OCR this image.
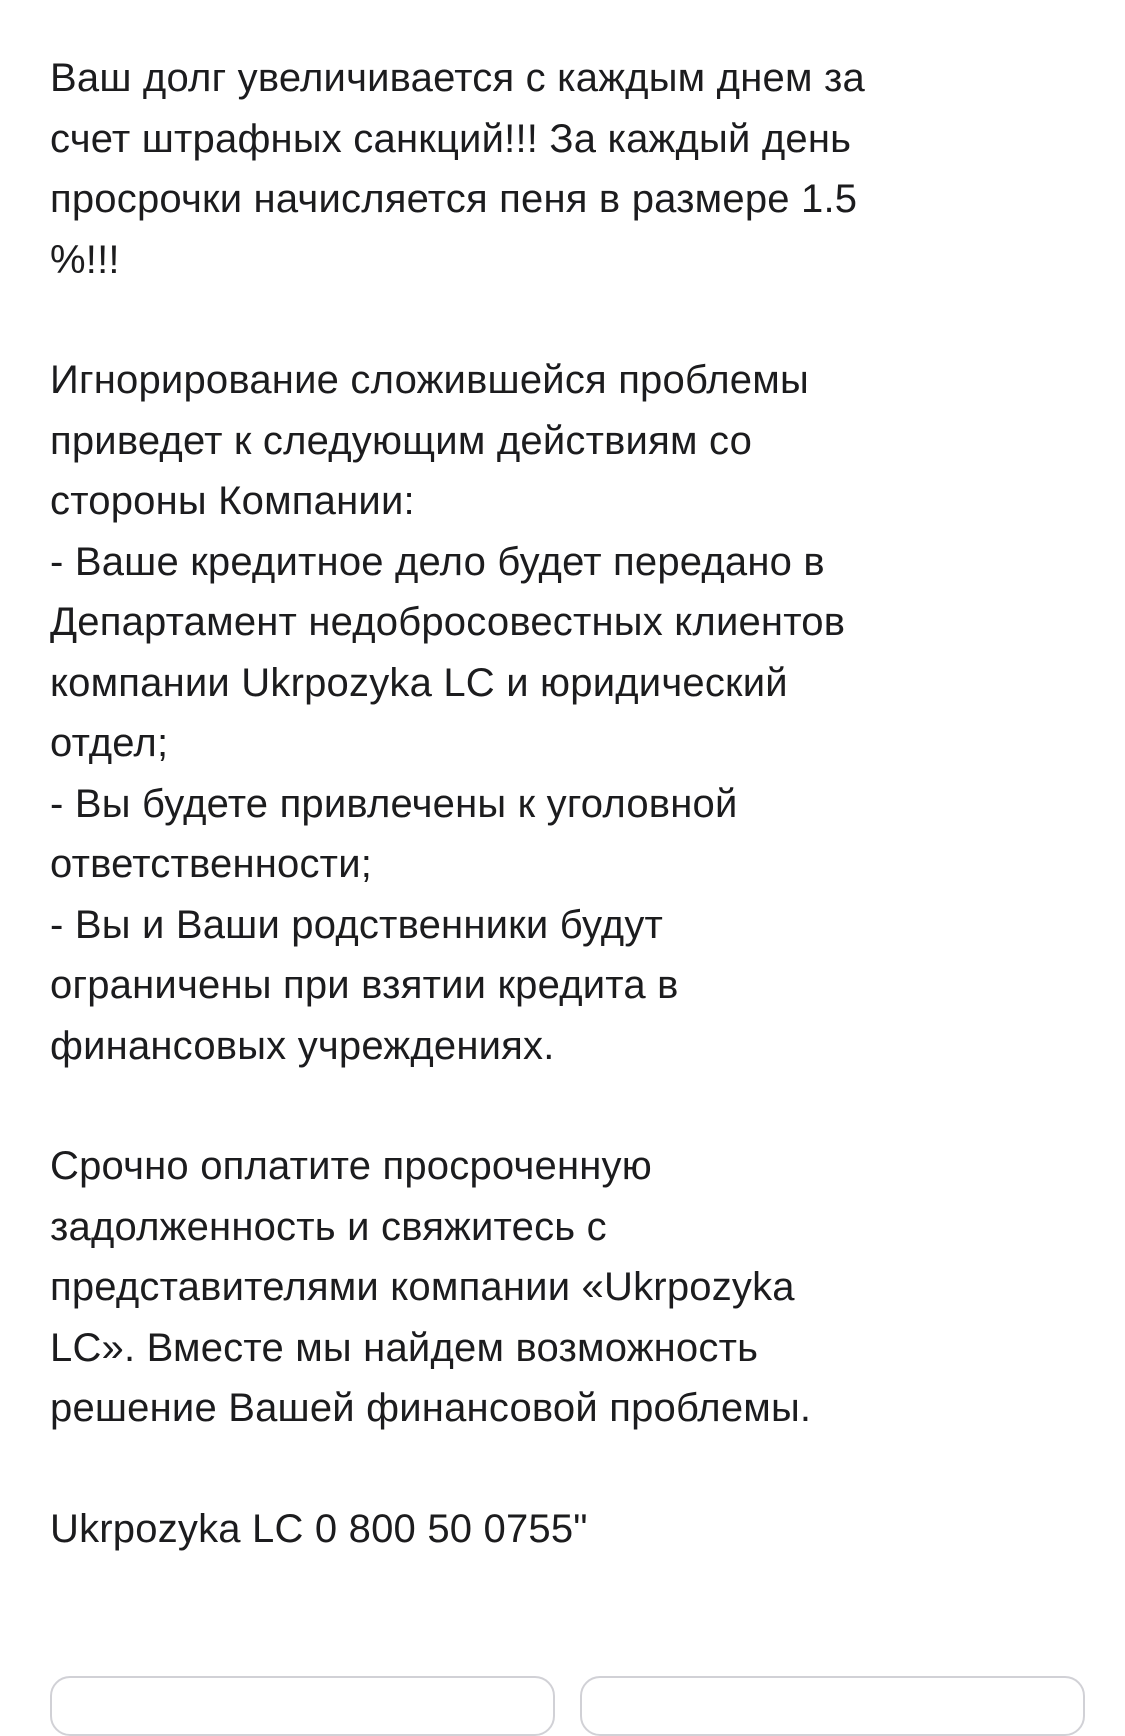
Ваш долг увеличивается с каждым днем за
счет штрафных санкций!!! За каждый день
просрочки начисляется пеня в размере 1.5
%!!!
Игнорирование сложившейся проблемы
приведет к следующим действиям со
стороны Компании:
- Ваше кредитное дело будет передано в
Департамент недобросовестных клиентов
компании Ukrpozyka LC и юридический
отдел;
- Вы будете привлечены к уголовной
ответственности;
- Вы и Ваши родственники будут
ограничены при взятии кредита в
финансовых учреждениях.
Срочно оплатите просроченную
задолженность и свяжитесь с
представителями компании «Ukrpozyka
LC». Вместе мы найдем возможность
решение Вашей финансовой проблемы.
Ukrpozyka LC 0 800 50 0755"
